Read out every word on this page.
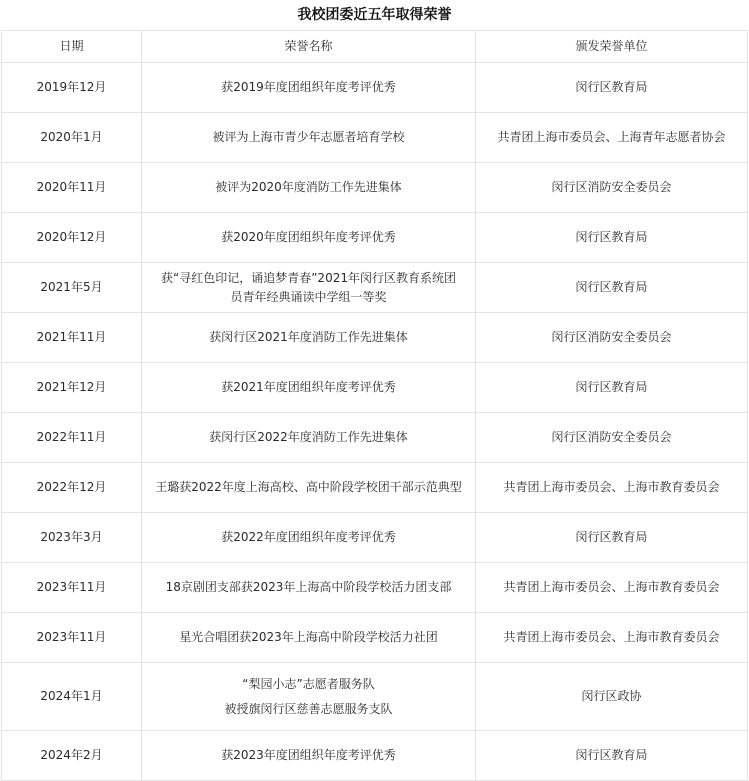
我校团委近五年取得荣誉
日期	荣誉名称	颁发荣誉单位
2019年12月	获2019年度团组织年度考评优秀	闵行区教育局
2020年1月	被评为上海市青少年志愿者培育学校	共青团上海市委员会、上海青年志愿者协会
2020年11月	被评为2020年度消防工作先进集体	闵行区消防安全委员会
2020年12月	获2020年度团组织年度考评优秀	闵行区教育局
2021年5月	获“寻红色印记，诵追梦青春”2021年闵行区教育系统团
员青年经典诵读中学组一等奖	闵行区教育局
2021年11月	获闵行区2021年度消防工作先进集体	闵行区消防安全委员会
2021年12月	获2021年度团组织年度考评优秀	闵行区教育局
2022年11月	获闵行区2022年度消防工作先进集体	闵行区消防安全委员会
2022年12月	王璐获2022年度上海高校、高中阶段学校团干部示范典型	共青团上海市委员会、上海市教育委员会
2023年3月	获2022年度团组织年度考评优秀	闵行区教育局
2023年11月	18京剧团支部获2023年上海高中阶段学校活力团支部	共青团上海市委员会、上海市教育委员会
2023年11月	星光合唱团获2023年上海高中阶段学校活力社团	共青团上海市委员会、上海市教育委员会
2024年1月	“梨园小志”志愿者服务队
被授旗闵行区慈善志愿服务支队	闵行区政协
2024年2月	获2023年度团组织年度考评优秀	闵行区教育局
